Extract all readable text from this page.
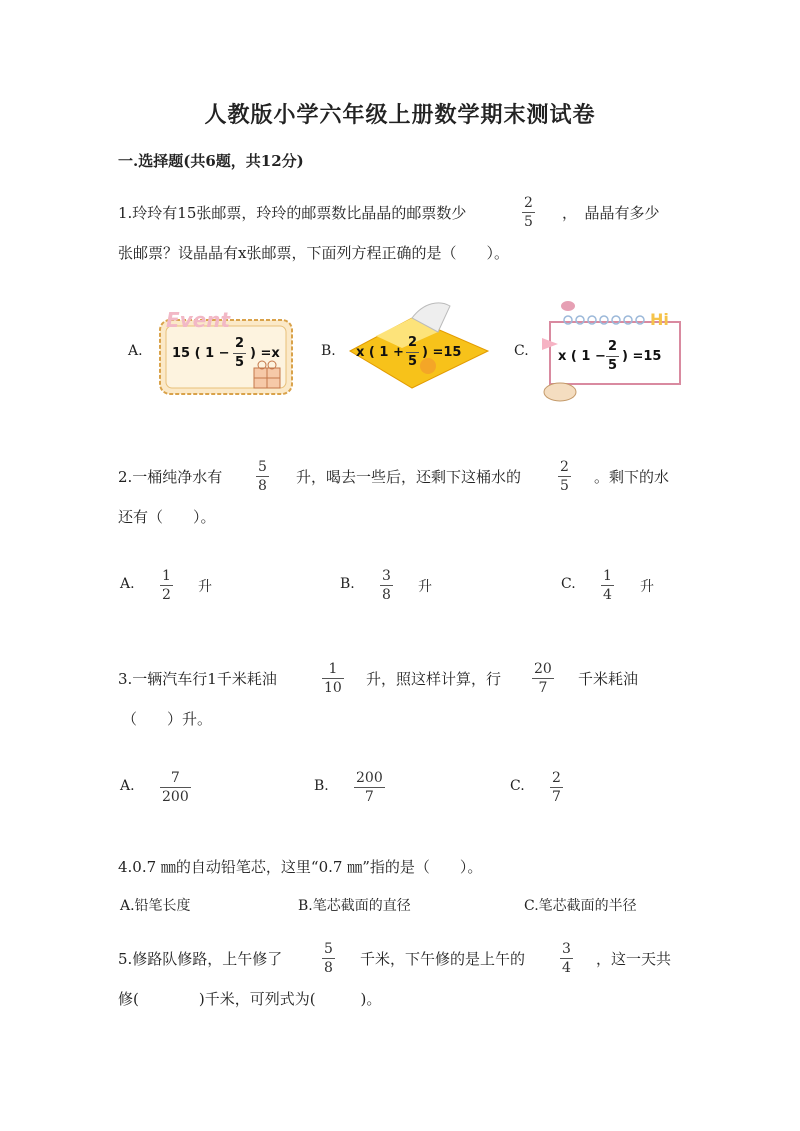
人教版小学六年级上册数学期末测试卷
一.选择题(共6题，共12分)
1.玲玲有15张邮票，玲玲的邮票数比晶晶的邮票数少
2
5 ，　晶晶有多少
张邮票？设晶晶有x张邮票，下面列方程正确的是（　　）。
A.
Event
15 ( 1 −
2
5
) =x	B. x ( 1 +
2
5
) =15	C.
Hi
x ( 1 −
2
5
) =15
2.一桶纯净水有
5
8 升，喝去一些后，还剩下这桶水的
2
5 。剩下的水
还有（　　）。
A. 1
2 升	B. 3
8 升	C. 1
4 升
3.一辆汽车行1千米耗油
1
10 升，照这样计算，行
20
7 千米耗油
（　　）升。
A.	7
200
B. 200
7
C. 2
7
4.0.7 ㎜的自动铅笔芯，这里“0.7 ㎜”指的是（　　）。
A.铅笔长度	B.笔芯截面的直径	C.笔芯截面的半径
5.修路队修路，上午修了
5
8 千米，下午修的是上午的
3
4 ，这一天共
修(　　　　)千米，可列式为(　　　)。
